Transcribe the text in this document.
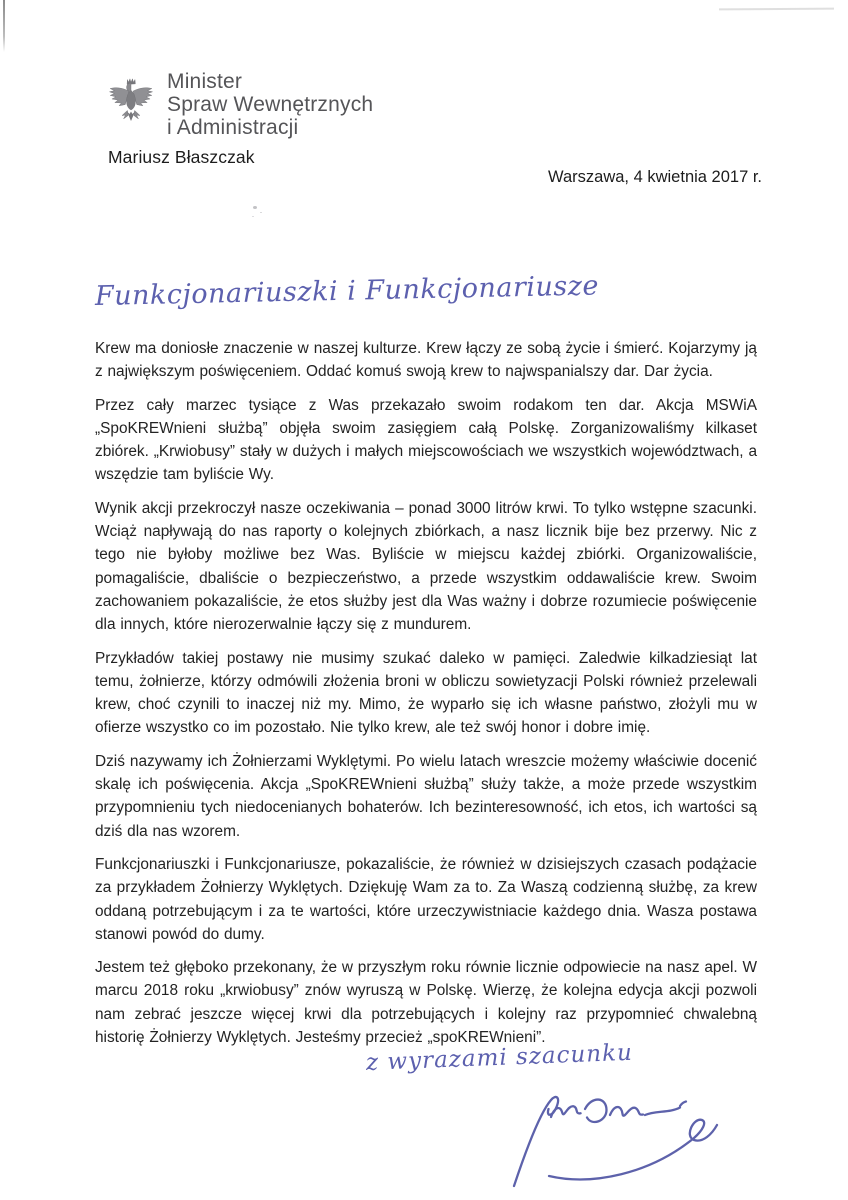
Minister
Spraw Wewnętrznych
i Administracji
Mariusz Błaszczak
Warszawa, 4 kwietnia 2017 r.
Funkcjonariuszki i Funkcjonariusze

Krew ma doniosłe znaczenie w naszej kulturze. Krew łączy ze sobą życie i śmierć. Kojarzymy ją z największym poświęceniem. Oddać komuś swoją krew to najwspanialszy dar. Dar życia.

Przez cały marzec tysiące z Was przekazało swoim rodakom ten dar. Akcja MSWiA „SpoKREWnieni służbą” objęła swoim zasięgiem całą Polskę. Zorganizowaliśmy kilkaset zbiórek. „Krwiobusy” stały w dużych i małych miejscowościach we wszystkich województwach, a wszędzie tam byliście Wy.

Wynik akcji przekroczył nasze oczekiwania – ponad 3000 litrów krwi. To tylko wstępne szacunki. Wciąż napływają do nas raporty o kolejnych zbiórkach, a nasz licznik bije bez przerwy. Nic z tego nie byłoby możliwe bez Was. Byliście w miejscu każdej zbiórki. Organizowaliście, pomagaliście, dbaliście o bezpieczeństwo, a przede wszystkim oddawaliście krew. Swoim zachowaniem pokazaliście, że etos służby jest dla Was ważny i dobrze rozumiecie poświęcenie dla innych, które nierozerwalnie łączy się z mundurem.

Przykładów takiej postawy nie musimy szukać daleko w pamięci. Zaledwie kilkadziesiąt lat temu, żołnierze, którzy odmówili złożenia broni w obliczu sowietyzacji Polski również przelewali krew, choć czynili to inaczej niż my. Mimo, że wyparło się ich własne państwo, złożyli mu w ofierze wszystko co im pozostało. Nie tylko krew, ale też swój honor i dobre imię.

Dziś nazywamy ich Żołnierzami Wyklętymi. Po wielu latach wreszcie możemy właściwie docenić skalę ich poświęcenia. Akcja „SpoKREWnieni służbą” służy także, a może przede wszystkim przypomnieniu tych niedocenianych bohaterów. Ich bezinteresowność, ich etos, ich wartości są dziś dla nas wzorem.

Funkcjonariuszki i Funkcjonariusze, pokazaliście, że również w dzisiejszych czasach podążacie za przykładem Żołnierzy Wyklętych. Dziękuję Wam za to. Za Waszą codzienną służbę, za krew oddaną potrzebującym i za te wartości, które urzeczywistniacie każdego dnia. Wasza postawa stanowi powód do dumy.

Jestem też głęboko przekonany, że w przyszłym roku równie licznie odpowiecie na nasz apel. W marcu 2018 roku „krwiobusy” znów wyruszą w Polskę. Wierzę, że kolejna edycja akcji pozwoli nam zebrać jeszcze więcej krwi dla potrzebujących i kolejny raz przypomnieć chwalebną historię Żołnierzy Wyklętych. Jesteśmy przecież „spoKREWnieni”.

z wyrazami szacunku
